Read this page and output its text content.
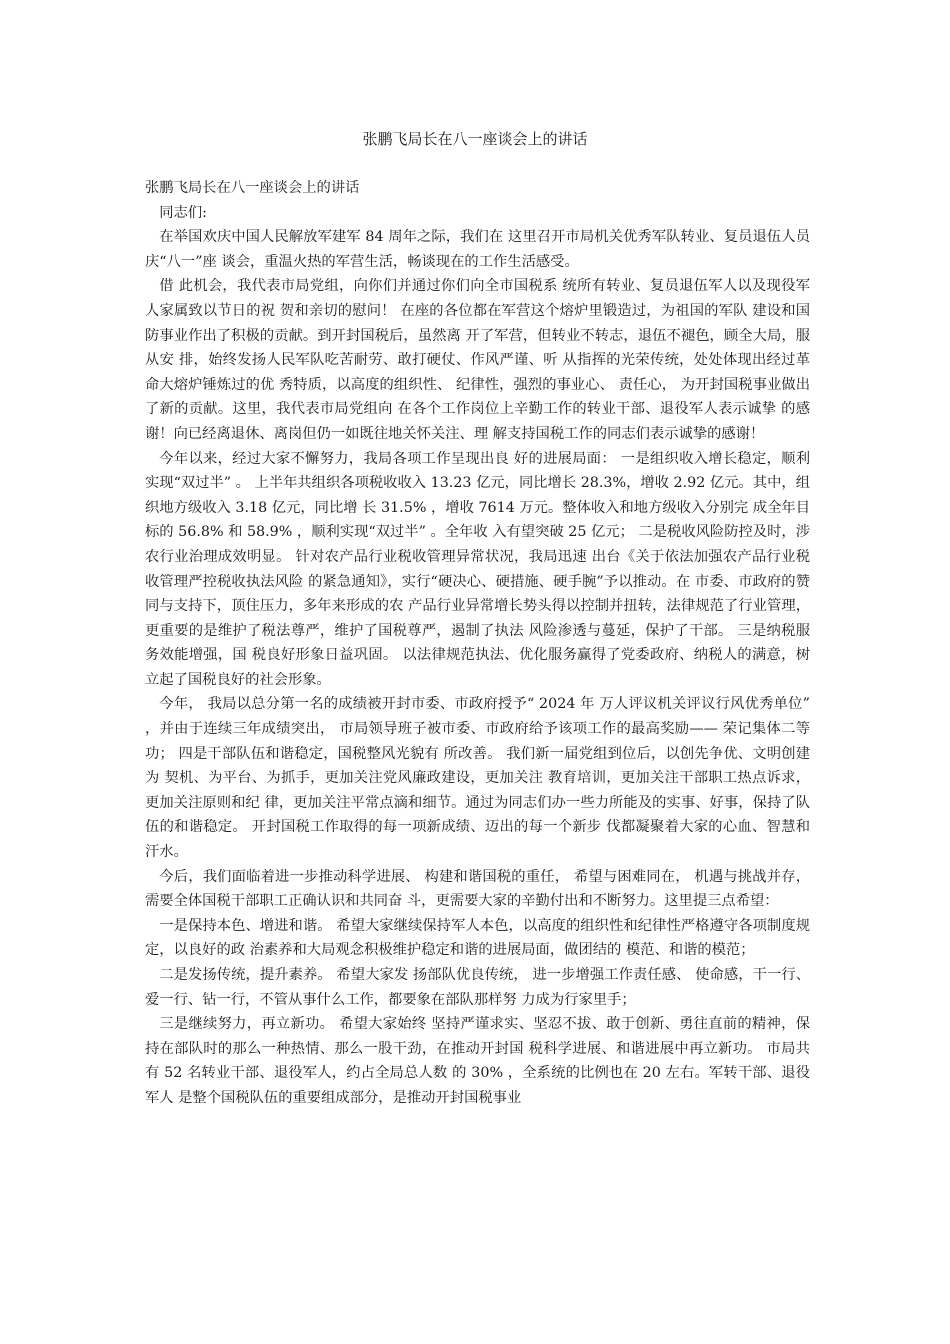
张鹏飞局长在八一座谈会上的讲话

张鹏飞局长在八一座谈会上的讲话

同志们:

在举国欢庆中国人民解放军建军 84 周年之际，我们在 这里召开市局机关优秀军队转业、复员退伍人员庆“八一”座 谈会，重温火热的军营生活，畅谈现在的工作生活感受。

借 此机会，我代表市局党组，向你们并通过你们向全市国税系 统所有转业、复员退伍军人以及现役军人家属致以节日的祝 贺和亲切的慰问！ 在座的各位都在军营这个熔炉里锻造过，为祖国的军队 建设和国防事业作出了积极的贡献。到开封国税后，虽然离 开了军营，但转业不转志，退伍不褪色，顾全大局，服从安 排，始终发扬人民军队吃苦耐劳、敢打硬仗、作风严谨、听 从指挥的光荣传统，处处体现出经过革命大熔炉锤炼过的优 秀特质，以高度的组织性、 纪律性，强烈的事业心、 责任心， 为开封国税事业做出了新的贡献。这里，我代表市局党组向 在各个工作岗位上辛勤工作的转业干部、退役军人表示诚挚 的感谢！向已经离退休、离岗但仍一如既往地关怀关注、理 解支持国税工作的同志们表示诚挚的感谢！

今年以来，经过大家不懈努力，我局各项工作呈现出良 好的进展局面： 一是组织收入增长稳定，顺利实现“双过半” 。 上半年共组织各项税收收入 13.23 亿元，同比增长 28.3%，增收 2.92 亿元。其中，组织地方级收入 3.18 亿元，同比增 长 31.5% ，增收 7614 万元。整体收入和地方级收入分别完 成全年目标的 56.8% 和 58.9% ，顺利实现“双过半” 。全年收 入有望突破 25 亿元； 二是税收风险防控及时，涉农行业治理成效明显。 针对农产品行业税收管理异常状况，我局迅速 出台《关于依法加强农产品行业税收管理严控税收执法风险 的紧急通知》，实行“硬决心、硬措施、硬手腕”予以推动。在 市委、市政府的赞同与支持下，顶住压力，多年来形成的农 产品行业异常增长势头得以控制并扭转，法律规范了行业管理，更重要的是维护了税法尊严，维护了国税尊严，遏制了执法 风险渗透与蔓延，保护了干部。 三是纳税服务效能增强，国 税良好形象日益巩固。 以法律规范执法、优化服务赢得了党委政府、纳税人的满意，树立起了国税良好的社会形象。

今年， 我局以总分第一名的成绩被开封市委、市政府授予“ 2024 年 万人评议机关评议行风优秀单位” ，并由于连续三年成绩突出， 市局领导班子被市委、市政府给予该项工作的最高奖励—— 荣记集体二等功； 四是干部队伍和谐稳定，国税整风光貌有 所改善。 我们新一届党组到位后，以创先争优、文明创建为 契机、为平台、为抓手，更加关注党风廉政建设，更加关注 教育培训，更加关注干部职工热点诉求，更加关注原则和纪 律，更加关注平常点滴和细节。通过为同志们办一些力所能及的实事、好事，保持了队伍的和谐稳定。 开封国税工作取得的每一项新成绩、迈出的每一个新步 伐都凝聚着大家的心血、智慧和汗水。

今后，我们面临着进一步推动科学进展、 构建和谐国税的重任， 希望与困难同在， 机遇与挑战并存，需要全体国税干部职工正确认识和共同奋 斗，更需要大家的辛勤付出和不断努力。这里提三点希望：

一是保持本色、增进和谐。 希望大家继续保持军人本色，以高度的组织性和纪律性严格遵守各项制度规定，以良好的政 治素养和大局观念积极维护稳定和谐的进展局面，做团结的 模范、和谐的模范；

二是发扬传统，提升素养。 希望大家发 扬部队优良传统， 进一步增强工作责任感、 使命感，干一行、 爱一行、钻一行，不管从事什么工作，都要象在部队那样努 力成为行家里手；

三是继续努力，再立新功。 希望大家始终 坚持严谨求实、坚忍不拔、敢于创新、勇往直前的精神，保 持在部队时的那么一种热情、那么一股干劲，在推动开封国 税科学进展、和谐进展中再立新功。 市局共有 52 名转业干部、退役军人，约占全局总人数 的 30% ，全系统的比例也在 20 左右。军转干部、退役军人 是整个国税队伍的重要组成部分，是推动开封国税事业
